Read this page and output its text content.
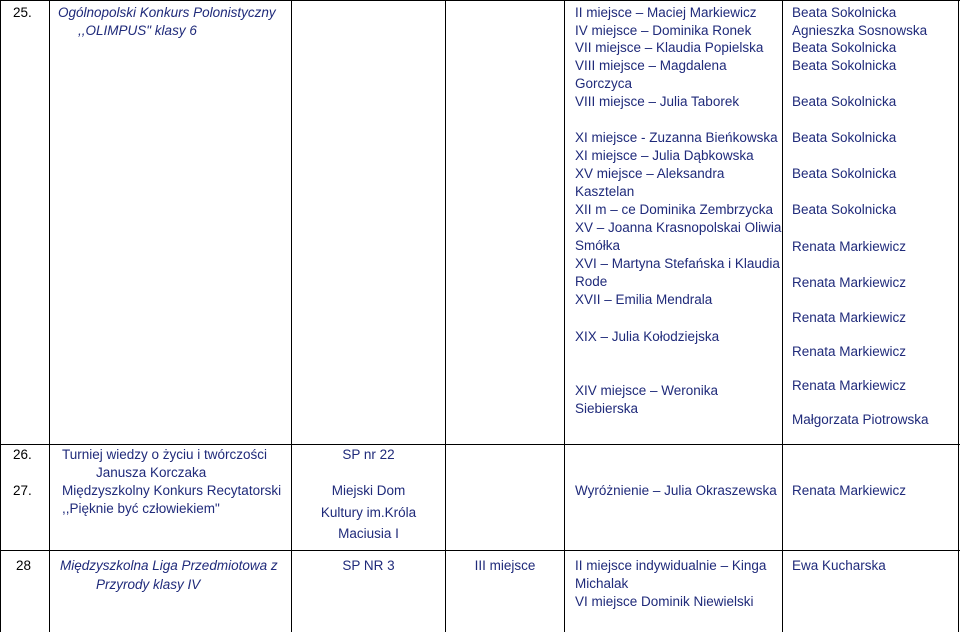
25. Ogólnopolski Konkurs Polonistyczny
,,OLIMPUS" klasy 6
II miejsce – Maciej Markiewicz
IV miejsce – Dominika Ronek
VII miejsce – Klaudia Popielska
VIII miejsce – Magdalena
Gorczyca
VIII miejsce – Julia Taborek
XI miejsce - Zuzanna Bieńkowska
XI miejsce – Julia Dąbkowska
XV miejsce – Aleksandra
Kasztelan
XII m – ce Dominika Zembrzycka
XV – Joanna Krasnopolskai Oliwia
Smółka
XVI – Martyna Stefańska i Klaudia
Rode
XVII – Emilia Mendrala
XIX – Julia Kołodziejska
XIV miejsce – Weronika
Siebierska
Beata Sokolnicka
Agnieszka Sosnowska
Beata Sokolnicka
Beata Sokolnicka
Beata Sokolnicka
Beata Sokolnicka
Beata Sokolnicka
Beata Sokolnicka
Renata Markiewicz
Renata Markiewicz
Renata Markiewicz
Renata Markiewicz
Renata Markiewicz
Małgorzata Piotrowska
26. Turniej wiedzy o życiu i twórczości
Janusza Korczaka
SP nr 22
27. Międzyszkolny Konkurs Recytatorski
,,Pięknie być człowiekiem"
Miejski Dom
Kultury im.Króla
Maciusia I
Wyróżnienie – Julia Okraszewska Renata Markiewicz
28 Międzyszkolna Liga Przedmiotowa z
Przyrody klasy IV
SP NR 3	III miejsce	II miejsce indywidualnie – Kinga
Michalak
VI miejsce Dominik Niewielski
Ewa Kucharska
